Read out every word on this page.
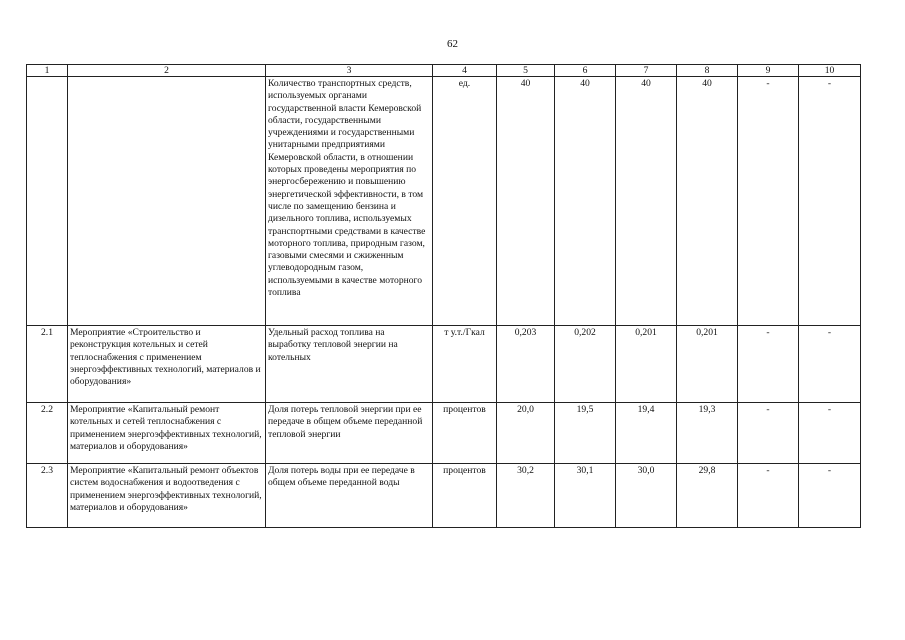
62
1	2	3	4	5	6	7	8	9	10
		Количество транспортных средств, используемых органами государственной власти Кемеровской области, государственными учреждениями и государственными унитарными предприятиями Кемеровской области, в отношении которых проведены мероприятия по энергосбережению и повышению энергетической эффективности, в том числе по замещению бензина и дизельного топлива, используемых транспортными средствами в качестве моторного топлива, природным газом, газовыми смесями и сжиженным углеводородным газом, используемыми в качестве моторного топлива	ед.	40	40	40	40	-	-
2.1	Мероприятие «Строительство и реконструкция котельных и сетей теплоснабжения с применением энергоэффективных технологий, материалов и оборудования»	Удельный расход топлива на выработку тепловой энергии на котельных	т у.т./Гкал	0,203	0,202	0,201	0,201	-	-
2.2	Мероприятие «Капитальный ремонт котельных и сетей теплоснабжения с применением энергоэффективных технологий, материалов и оборудования»	Доля потерь тепловой энергии при ее передаче в общем объеме переданной тепловой энергии	процентов	20,0	19,5	19,4	19,3	-	-
2.3	Мероприятие «Капитальный ремонт объектов систем водоснабжения и водоотведения с применением энергоэффективных технологий, материалов и оборудования»	Доля потерь воды при ее передаче в общем объеме переданной воды	процентов	30,2	30,1	30,0	29,8	-	-
